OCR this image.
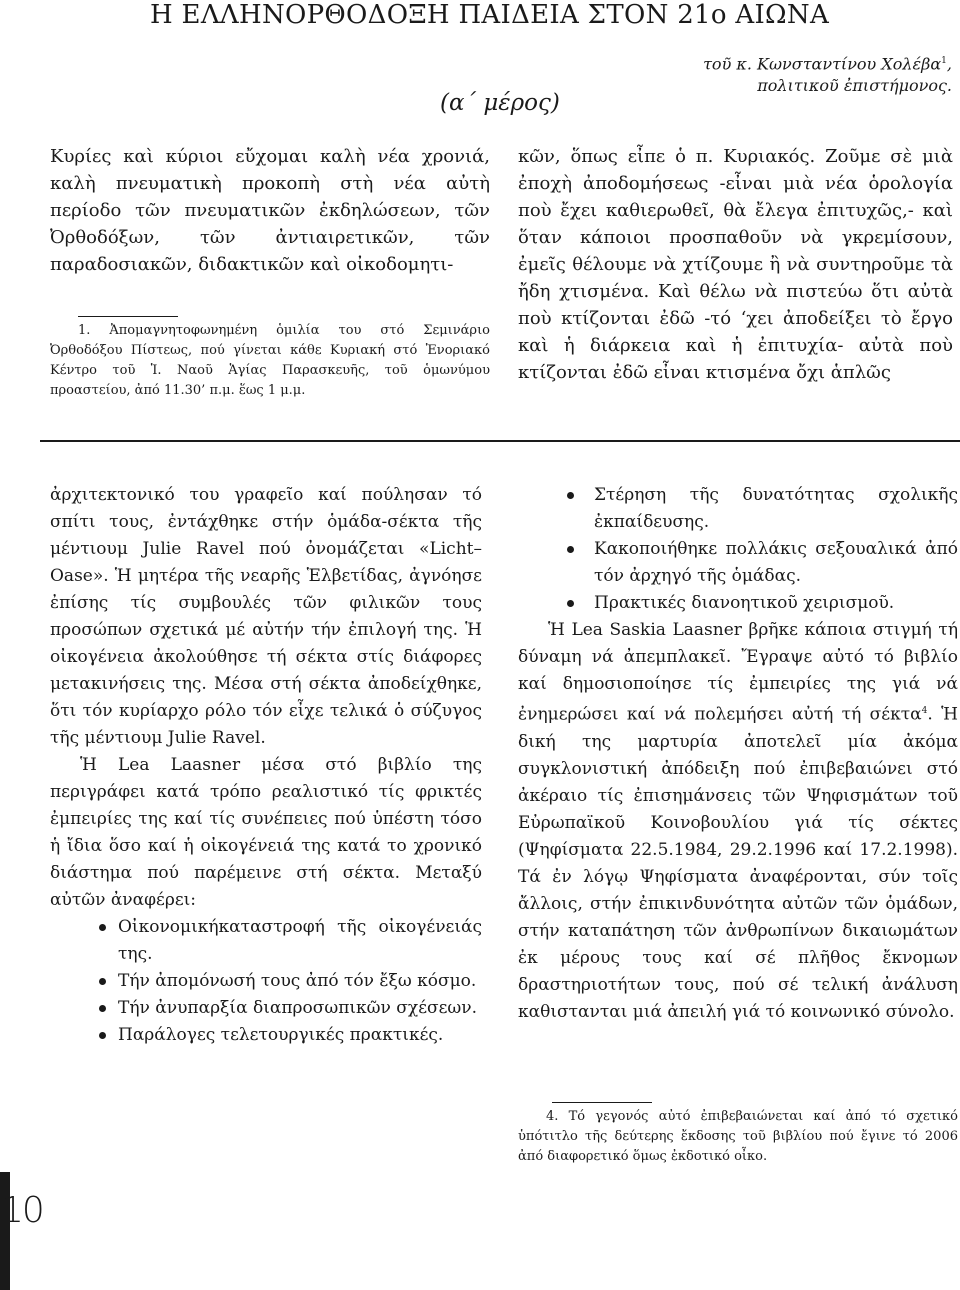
Η ΕΛΛΗΝΟΡΘΟΔΟΞΗ ΠΑΙΔΕΙΑ ΣΤΟΝ 21ο ΑΙΩΝΑ
τοῦ κ. Κωνσταντίνου Χολέβα$^1$,
πολιτικοῦ ἐπιστήμονος.
(α΄ μέρος)
Κυρίες καὶ κύριοι εὔχομαι καλὴ νέα χρονιά, καλὴ πνευματικὴ προκοπὴ στὴ νέα αὐτὴ περίοδο τῶν πνευματικῶν ἐκδηλώσεων, τῶν Ὀρθοδόξων, τῶν ἀντιαιρετικῶν, τῶν παραδοσιακῶν, διδακτικῶν καὶ οἰκοδομητι-
κῶν, ὅπως εἶπε ὁ π. Κυριακός. Ζοῦμε σὲ μιὰ ἐποχὴ ἀποδομήσεως -εἶναι μιὰ νέα ὁρολογία ποὺ ἔχει καθιερωθεῖ, θὰ ἔλεγα ἐπιτυχῶς,- καὶ ὅταν κάποιοι προσπαθοῦν νὰ γκρεμίσουν, ἐμεῖς θέλουμε νὰ χτίζουμε ἢ νὰ συντηροῦμε τὰ ἤδη χτισμένα. Καὶ θέλω νὰ πιστεύω ὅτι αὐτὰ ποὺ κτίζονται ἐδῶ -τό ‘χει ἀποδείξει τὸ ἔργο καὶ ἡ διάρκεια καὶ ἡ ἐπιτυχία- αὐτὰ ποὺ κτίζονται ἐδῶ εἶναι κτισμένα ὄχι ἁπλῶς
1. Ἀπομαγνητοφωνημένη ὁμιλία του στό Σεμινάριο Ὀρθοδόξου Πίστεως, πού γίνεται κάθε Κυριακή στό Ἐνοριακό Κέντρο τοῦ Ἱ. Ναοῦ Ἁγίας Παρασκευῆς, τοῦ ὁμωνύμου προαστείου, ἀπό 11.30’ π.μ. ἕως 1 μ.μ.

ἀρχιτεκτονικό του γραφεῖο καί πούλησαν τό σπίτι τους, ἐντάχθηκε στήν ὁμάδα-σέκτα τῆς μέντιουμ Julie Ravel πού ὀνομάζεται «Licht–Oase». Ἡ μητέρα τῆς νεαρῆς Ἑλβετίδας, ἀγνόησε ἐπίσης τίς συμβουλές τῶν φιλικῶν τους προσώπων σχετικά μέ αὐτήν τήν ἐπιλογή της. Ἡ οἰκογένεια ἀκολούθησε τή σέκτα στίς διάφορες μετακινήσεις της. Μέσα στή σέκτα ἀποδείχθηκε, ὅτι τόν κυρίαρχο ρόλο τόν εἶχε τελικά ὁ σύζυγος τῆς μέντιουμ Julie Ravel.

Ἡ Lea Laasner μέσα στό βιβλίο της περιγράφει κατά τρόπο ρεαλιστικό τίς φρικτές ἐμπειρίες της καί τίς συνέπειες πού ὑπέστη τόσο ἡ ἴδια ὅσο καί ἡ οἰκογένειά της κατά το χρονικό διάστημα πού παρέμεινε στή σέκτα. Μεταξύ αὐτῶν ἀναφέρει:

Οἰκονομικήκαταστροφή τῆς οἰκογένειάς της.
Τήν ἀπομόνωσή τους ἀπό τόν ἔξω κόσμο.
Τήν ἀνυπαρξία διαπροσωπικῶν σχέσεων.
Παράλογες τελετουργικές πρακτικές.
Στέρηση τῆς δυνατότητας σχολικῆς ἐκπαίδευσης.
Κακοποιήθηκε πολλάκις σεξουαλικά ἀπό τόν ἀρχηγό τῆς ὁμάδας.
Πρακτικές διανοητικοῦ χειρισμοῦ.

Ἡ Lea Saskia Laasner βρῆκε κάποια στιγμή τή δύναμη νά ἀπεμπλακεῖ. Ἔγραψε αὐτό τό βιβλίο καί δημοσιοποίησε τίς ἐμπειρίες της γιά νά ἐνημερώσει καί νά πολεμήσει αὐτή τή σέκτα$^4$. Ἡ δική της μαρτυρία ἀποτελεῖ μία ἀκόμα συγκλονιστική ἀπόδειξη πού ἐπιβεβαιώνει στό ἀκέραιο τίς ἐπισημάνσεις τῶν Ψηφισμάτων τοῦ Εὐρωπαϊκοῦ Κοινοβουλίου γιά τίς σέκτες (Ψηφίσματα 22.5.1984, 29.2.1996 καί 17.2.1998). Τά ἐν λόγῳ Ψηφίσματα ἀναφέρονται, σύν τοῖς ἄλλοις, στήν ἐπικινδυνότητα αὐτῶν τῶν ὁμάδων, στήν καταπάτηση τῶν ἀνθρωπίνων δικαιωμάτων ἐκ μέρους τους καί σέ πλῆθος ἔκνομων δραστηριοτήτων τους, πού σέ τελική ἀνάλυση καθιστανται μιά ἀπειλή γιά τό κοινωνικό σύνολο.

4. Τό γεγονός αὐτό ἐπιβεβαιώνεται καί ἀπό τό σχετικό ὑπότιτλο τῆς δεύτερης ἔκδοσης τοῦ βιβλίου πού ἔγινε τό 2006 ἀπό διαφορετικό ὅμως ἐκδοτικό οἶκο.
10
